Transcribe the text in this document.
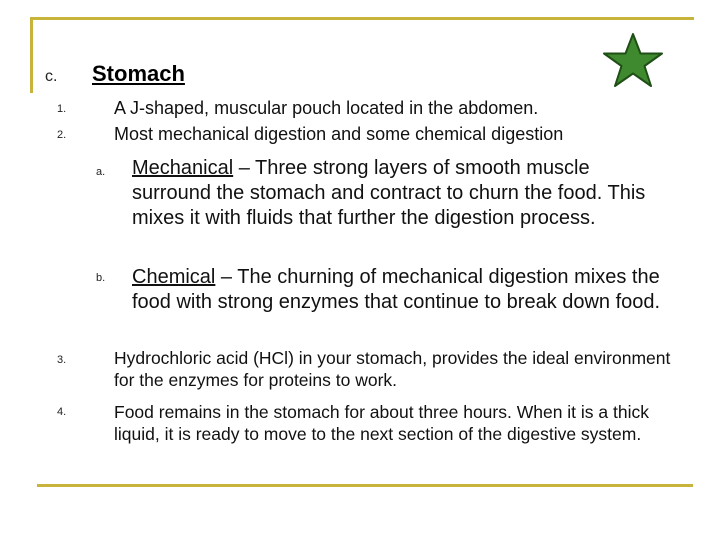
c. Stomach
1.	A J-shaped, muscular pouch located in the abdomen.
2.	Most mechanical digestion and some chemical digestion
a. Mechanical – Three strong layers of smooth muscle surround the stomach and contract to churn the food. This mixes it with fluids that further the digestion process.
b. Chemical – The churning of mechanical digestion mixes the food with strong enzymes that continue to break down food.
3.	Hydrochloric acid (HCl) in your stomach, provides the ideal environment for the enzymes for proteins to work.
4.	Food remains in the stomach for about three hours. When it is a thick liquid, it is ready to move to the next section of the digestive system.
